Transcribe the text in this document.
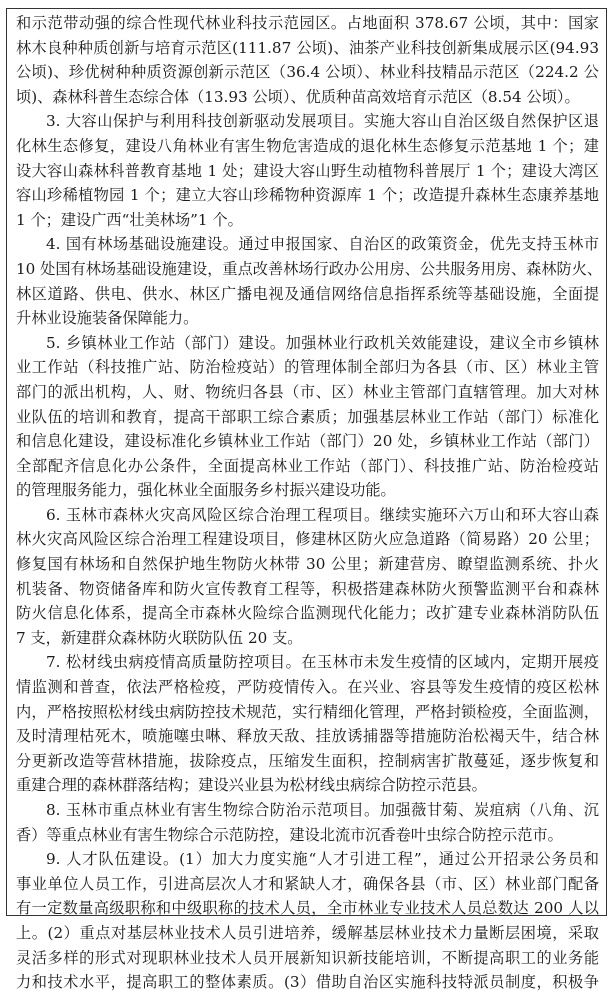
和示范带动强的综合性现代林业科技示范园区。占地面积 378.67 公顷，其中：国家
林木良种种质创新与培育示范区(111.87 公顷)、油茶产业科技创新集成展示区(94.93
公顷)、珍优树种种质资源创新示范区（36.4 公顷）、林业科技精品示范区（224.2 公
顷)、森林科普生态综合体（13.93 公顷）、优质种苗高效培育示范区（8.54 公顷）。
3. 大容山保护与利用科技创新驱动发展项目。实施大容山自治区级自然保护区退
化林生态修复，建设八角林业有害生物危害造成的退化林生态修复示范基地 1 个；建
设大容山森林科普教育基地 1 处；建设大容山野生动植物科普展厅 1 个；建设大湾区
容山珍稀植物园 1 个；建立大容山珍稀物种资源库 1 个；改造提升森林生态康养基地
1 个；建设广西“壮美林场”1 个。
4. 国有林场基础设施建设。通过申报国家、自治区的政策资金，优先支持玉林市
10 处国有林场基础设施建设，重点改善林场行政办公用房、公共服务用房、森林防火、
林区道路、供电、供水、林区广播电视及通信网络信息指挥系统等基础设施，全面提
升林业设施装备保障能力。
5. 乡镇林业工作站（部门）建设。加强林业行政机关效能建设，建议全市乡镇林
业工作站（科技推广站、防治检疫站）的管理体制全部归为各县（市、区）林业主管
部门的派出机构，人、财、物统归各县（市、区）林业主管部门直辖管理。加大对林
业队伍的培训和教育，提高干部职工综合素质；加强基层林业工作站（部门）标准化
和信息化建设，建设标准化乡镇林业工作站（部门）20 处，乡镇林业工作站（部门）
全部配齐信息化办公条件，全面提高林业工作站（部门）、科技推广站、防治检疫站
的管理服务能力，强化林业全面服务乡村振兴建设功能。
6. 玉林市森林火灾高风险区综合治理工程项目。继续实施环六万山和环大容山森
林火灾高风险区综合治理工程建设项目，修建林区防火应急道路（简易路）20 公里；
修复国有林场和自然保护地生物防火林带 30 公里；新建营房、瞭望监测系统、扑火
机装备、物资储备库和防火宣传教育工程等，积极搭建森林防火预警监测平台和森林
防火信息化体系，提高全市森林火险综合监测现代化能力；改扩建专业森林消防队伍
7 支，新建群众森林防火联防队伍 20 支。
7. 松材线虫病疫情高质量防控项目。在玉林市未发生疫情的区域内，定期开展疫
情监测和普查，依法严格检疫，严防疫情传入。在兴业、容县等发生疫情的疫区松林
内，严格按照松材线虫病防控技术规范，实行精细化管理，严格封锁检疫，全面监测，
及时清理枯死木，喷施噻虫啉、释放天敌、挂放诱捕器等措施防治松褐天牛，结合林
分更新改造等营林措施，拔除疫点，压缩发生面积，控制病害扩散蔓延，逐步恢复和
重建合理的森林群落结构；建设兴业县为松材线虫病综合防控示范县。
8. 玉林市重点林业有害生物综合防治示范项目。加强薇甘菊、炭疽病（八角、沉
香）等重点林业有害生物综合示范防控，建设北流市沉香卷叶虫综合防控示范市。
9. 人才队伍建设。(1）加大力度实施“人才引进工程”，通过公开招录公务员和
事业单位人员工作，引进高层次人才和紧缺人才，确保各县（市、区）林业部门配备
有一定数量高级职称和中级职称的技术人员，全市林业专业技术人员总数达 200 人以
上。(2）重点对基层林业技术人员引进培养，缓解基层林业技术力量断层困境，采取
灵活多样的形式对现职林业技术人员开展新知识新技能培训，不断提高职工的业务能
力和技术水平，提高职工的整体素质。(3）借助自治区实施科技特派员制度，积极争
